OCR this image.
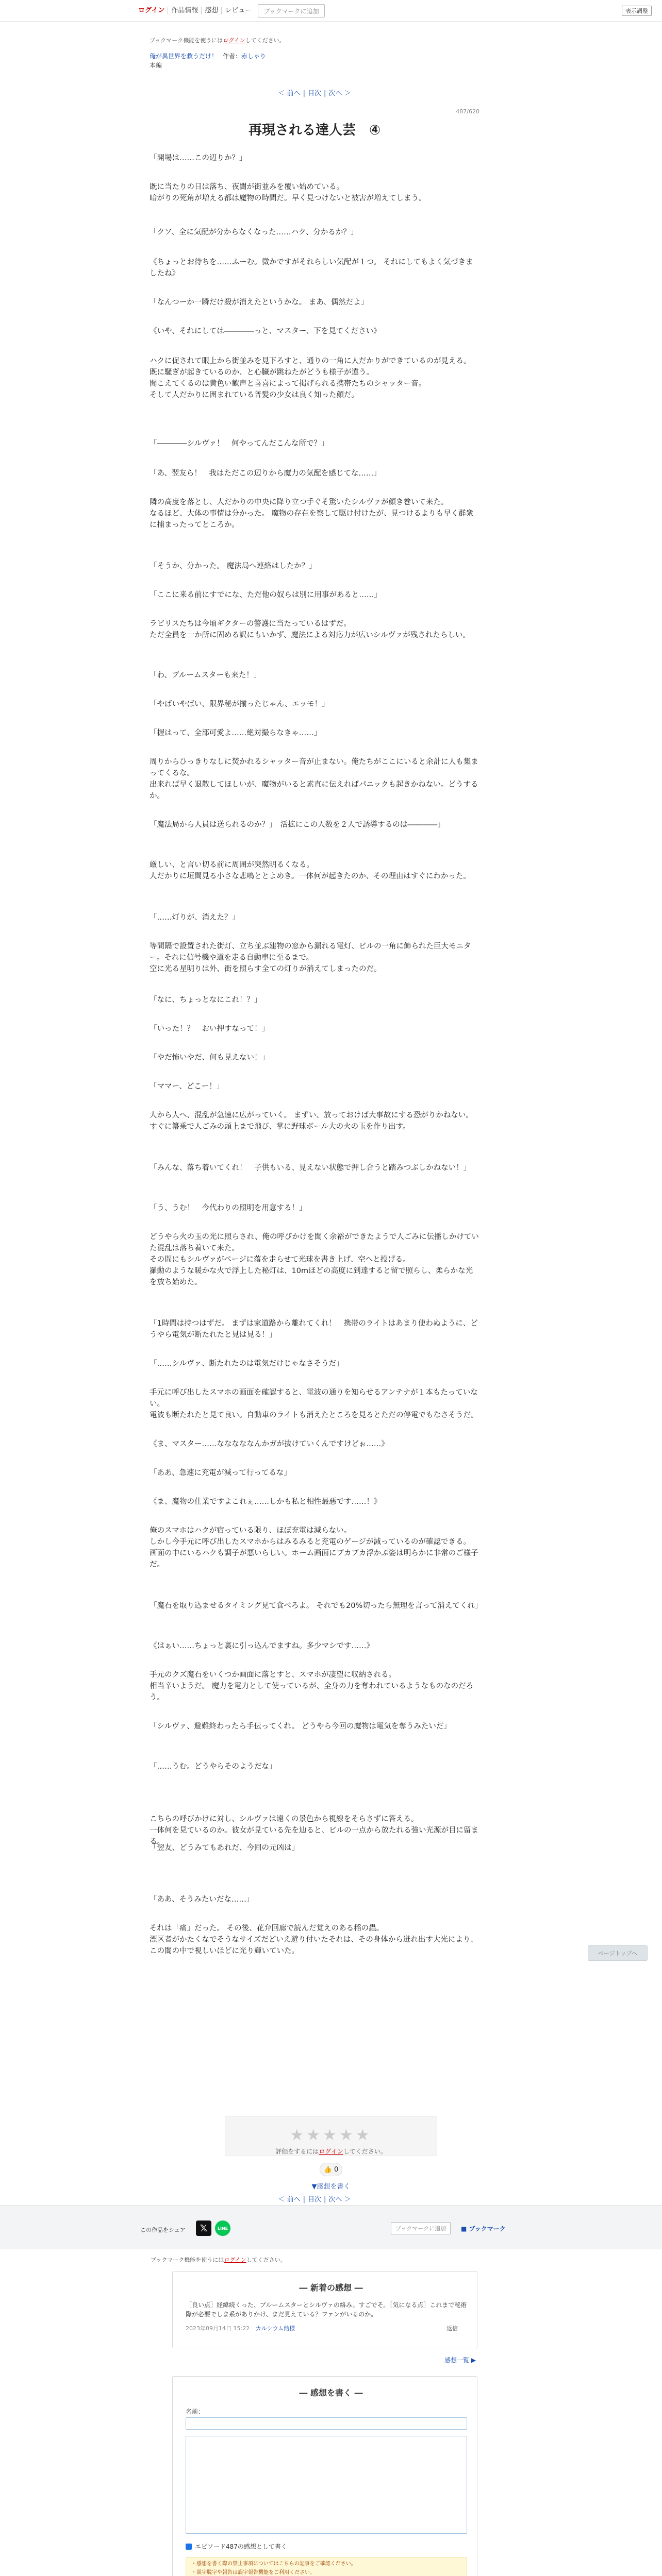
ログイン	作品情報	感想	レビュー	ブックマークに追加	表示調整
ブックマーク機能を使うにはログインしてください。
俺が異世界を救うだけ！ 作者：赤しゃり
本編
＜ 前へ | 目次 | 次へ ＞
487/620
再現される達人芸　④

「開場は……この辺りか？」

既に当たりの日は落ち、夜闇が街並みを覆い始めている。
暗がりの死角が増える都は魔物の時間だ。早く見つけないと被害が増えてしまう。

「クソ、全に気配が分からなくなった……ハク、分かるか？」

《ちょっとお待ちを……ふーむ。微かですがそれらしい気配が１つ。 それにしてもよく気づきましたね》

「なんつーか一瞬だけ殺が消えたというかな。 まあ、偶然だよ」

《いや、それにしては――――っと、マスター、下を見てください》

ハクに促されて眼上から街並みを見下ろすと、通りの一角に人だかりができているのが見える。
既に騒ぎが起きているのか、と心臓が跳ねたがどうも様子が違う。
聞こえてくるのは黄色い歓声と喜喜によって掲げられる携帯たちのシャッター音。
そして人だかりに囲まれている普髪の少女は良く知った顔だ。

「――――シルヴァ！　何やってんだこんな所で？」

「あ、翌友ら！　我はただこの辺りから魔力の気配を感じてな……」

隣の高度を落とし、人だかりの中央に降り立つ手ぐそ驚いたシルヴァが顔き巻いて来た。
なるほど、大体の事情は分かった。 魔物の存在を察して駆け付けたが、見つけるよりも早く群衆に捕まったってところか。

「そうか、分かった。 魔法局へ連絡はしたか？」

「ここに来る前にすでにな、ただ他の奴らは別に用事があると……」

ラビリスたちは今頃ギクターの警護に当たっているはずだ。
ただ全員を一か所に固める訳にもいかず、魔法による対応力が広いシルヴァが残されたらしい。

「わ、ブルームスターも来た！」

「やばいやばい、限界秘が揃ったじゃん、エッモ！」

「握はって、全部可愛よ……絶対撮らなきゃ……」

周りからひっきりなしに焚かれるシャッター音が止まない。俺たちがここにいると余計に人も集まってくるな。
出来れば早く退散してほしいが、魔物がいると素直に伝えればパニックも起きかねない。どうするか。

「魔法局から人員は送られるのか？」　活拡にこの人数を２人で誘導するのは――――」

厳しい、と言い切る前に周囲が突然明るくなる。
人だかりに垣間見る小さな悲鳴ととよめき。一体何が起きたのか、その理由はすぐにわかった。

「……灯りが、消えた？」

等間隔で設置された街灯、立ち並ぶ建物の窓から漏れる電灯、ビルの一角に飾られた巨大モニター。それに信号機や道を走る自動車に至るまで。
空に光る星明りは外、街を照らす全ての灯りが消えてしまったのだ。

「なに、ちょっとなにこれ！？」

「いった！？　おい押すなって！」

「やだ怖いやだ、何も見えない！」

「ママー、どこー！」

人から人へ、混乱が急速に広がっていく。 まずい、放っておけば大事故にする恐がりかねない。
すぐに箒乗で人ごみの頭上まで飛び、掌に野球ボール大の火の玉を作り出す。

「みんな、落ち着いてくれ！　子供もいる、見えない状態で押し合うと踏みつぶしかねない！」

「う、うむ！　今代わりの照明を用意する！」

どうやら火の玉の光に照らされ、俺の呼びかけを聞く余裕ができたようで人ごみに伝播しかけていた混乱は落ち着いて来た。
その間にもシルヴァがページに落を走らせて光球を書き上げ、空へと投げる。
羅動のような暖かな火で浮上した秘灯は、10mほどの高度に到達すると留で照らし、柔らかな光を放ち始めた。

「1時間は持つはずだ。 まずは家道路から離れてくれ！　携帯のライトはあまり使わぬように、どうやら電気が断たれたと見は見る！」

「……シルヴァ、断たれたのは電気だけじゃなさそうだ」

手元に呼び出したスマホの画面を確認すると、電波の通りを知らせるアンテナが１本もたっていない。
電波も断たれたと見て良い。自動車のライトも消えたところを見るとただの停電でもなさそうだ。

《ま、マスター……なななななんかガが抜けていくんですけどぉ……》

「ああ、急速に充電が減って行ってるな」

《ま、魔物の仕業ですよこれぇ……しかも私と相性最悪です……！》

俺のスマホはハクが宿っている限り、ほぼ充電は減らない。
しかし今手元に呼び出したスマホからはみるみると充電のゲージが減っているのが確認できる。
画面の中にいるハクも調子が悪いらしい。ホーム画面にブカブカ浮かぶ姿は明らかに非常のご様子だ。

「魔石を取り込ませるタイミング見て食べろよ。 それでも20%切ったら無理を言って消えてくれ」

《はぁい……ちょっと裏に引っ込んでますね。多少マシです……》

手元のクズ魔石をいくつか画面に落とすと、スマホが凄望に収納される。
相当辛いようだ。 魔力を電力として使っているが、全身の力を奪われているようなものなのだろう。

「シルヴァ、避難終わったら手伝ってくれ。 どうやら今回の魔物は電気を奪うみたいだ」

「……うむ。どうやらそのようだな」

こちらの呼びかけに対し、シルヴァは遠くの景色から視線をそらさずに答える。
一体何を見ているのか。彼女が見ている先を辿ると、ビルの一点から放たれる強い光源が目に留まる。

「翌友、どうみてもあれだ、今回の元凶は」

「ああ、そうみたいだな……」

それは「痛」だった。 その後、花弁回廊で読んだ覚えのある稲の蟲。
漂区者がかたくなでそうなサイズだどいえ遊り付いたそれは、その身体から迸れ出す大光により、この闇の中で視しいほどに光り輝いていた。	ページトップへ
★★★★★
評価をするにはログインしてください。
👍 0
▼感想を書く
＜ 前へ | 目次 | 次へ ＞
この作品をシェア	𝕏	LINE	ブックマークに追加	■ ブックマーク
ブックマーク機能を使うにはログインしてください。
― 新着の感想 ―
［良い点］経緯続くった、ブルームスターとシルヴァの絡み。すごでそ。［気になる点］これまで秘術際が必要でしま系がありかけ、まだ見えている？ファンがいるのか。
2023年09月14日 15:22 カルシウム飴様	返信
感想一覧 ▶
― 感想を書く ―
名前：
エピソード487の感想として書く
・感想を書く際の禁止事項についてはこちらの記事をご確認ください。
・誤字脱字や報告は誤字報告機能をご利用ください。
